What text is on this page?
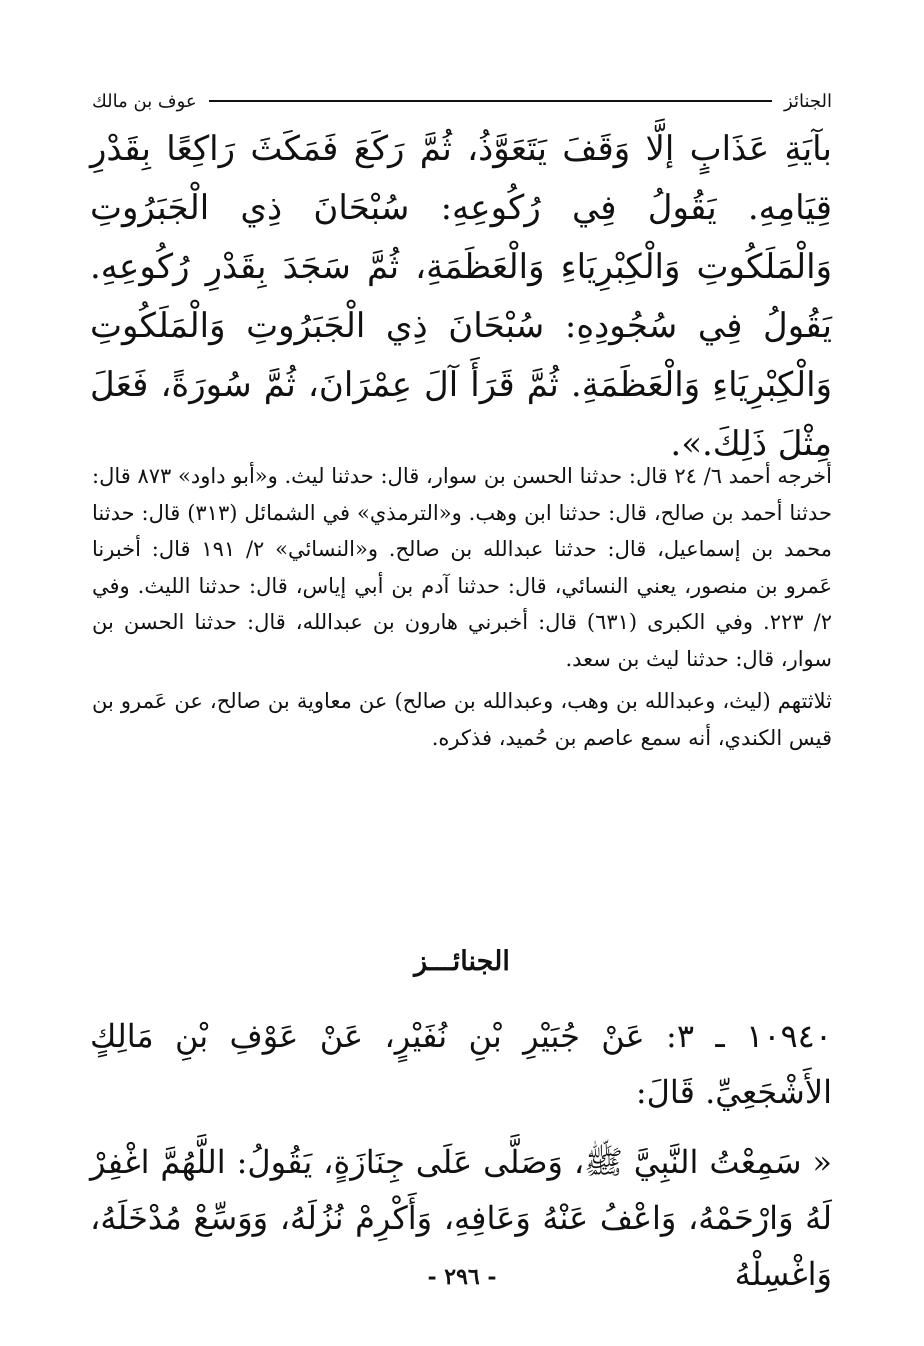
الجنائز
عوف بن مالك
بآيَةِ عَذَابٍ إلَّا وَقَفَ يَتَعَوَّذُ، ثُمَّ رَكَعَ فَمَكَثَ رَاكِعًا بِقَدْرِ قِيَامِهِ. يَقُولُ فِي رُكُوعِهِ: سُبْحَانَ ذِي الْجَبَرُوتِ وَالْمَلَكُوتِ وَالْكِبْرِيَاءِ وَالْعَظَمَةِ، ثُمَّ سَجَدَ بِقَدْرِ رُكُوعِهِ. يَقُولُ فِي سُجُودِهِ: سُبْحَانَ ذِي الْجَبَرُوتِ وَالْمَلَكُوتِ وَالْكِبْرِيَاءِ وَالْعَظَمَةِ. ثُمَّ قَرَأَ آلَ عِمْرَانَ، ثُمَّ سُورَةً، فَعَلَ مِثْلَ ذَلِكَ.».

أخرجه أحمد ٦/ ٢٤ قال: حدثنا الحسن بن سوار، قال: حدثنا ليث. و«أبو داود» ٨٧٣ قال: حدثنا أحمد بن صالح، قال: حدثنا ابن وهب. و«الترمذي» في الشمائل (٣١٣) قال: حدثنا محمد بن إسماعيل، قال: حدثنا عبدالله بن صالح. و«النسائي» ٢/ ١٩١ قال: أخبرنا عَمرو بن منصور، يعني النسائي، قال: حدثنا آدم بن أبي إياس، قال: حدثنا الليث. وفي ٢/ ٢٢٣. وفي الكبرى (٦٣١) قال: أخبرني هارون بن عبدالله، قال: حدثنا الحسن بن سوار، قال: حدثنا ليث بن سعد.

ثلاثتهم (ليث، وعبدالله بن وهب، وعبدالله بن صالح) عن معاوية بن صالح، عن عَمرو بن قيس الكندي، أنه سمع عاصم بن حُميد، فذكره.

الجنائـــز

١٠٩٤٠ ـ ٣: عَنْ جُبَيْرِ بْنِ نُفَيْرٍ، عَنْ عَوْفِ بْنِ مَالِكٍ الأَشْجَعِيِّ. قَالَ:

« سَمِعْتُ النَّبِيَّ ﷺ، وَصَلَّى عَلَى جِنَازَةٍ، يَقُولُ: اللَّهُمَّ اغْفِرْ لَهُ وَارْحَمْهُ، وَاعْفُ عَنْهُ وَعَافِهِ، وَأَكْرِمْ نُزُلَهُ، وَوَسِّعْ مُدْخَلَهُ، وَاغْسِلْهُ

- ٢٩٦ -
